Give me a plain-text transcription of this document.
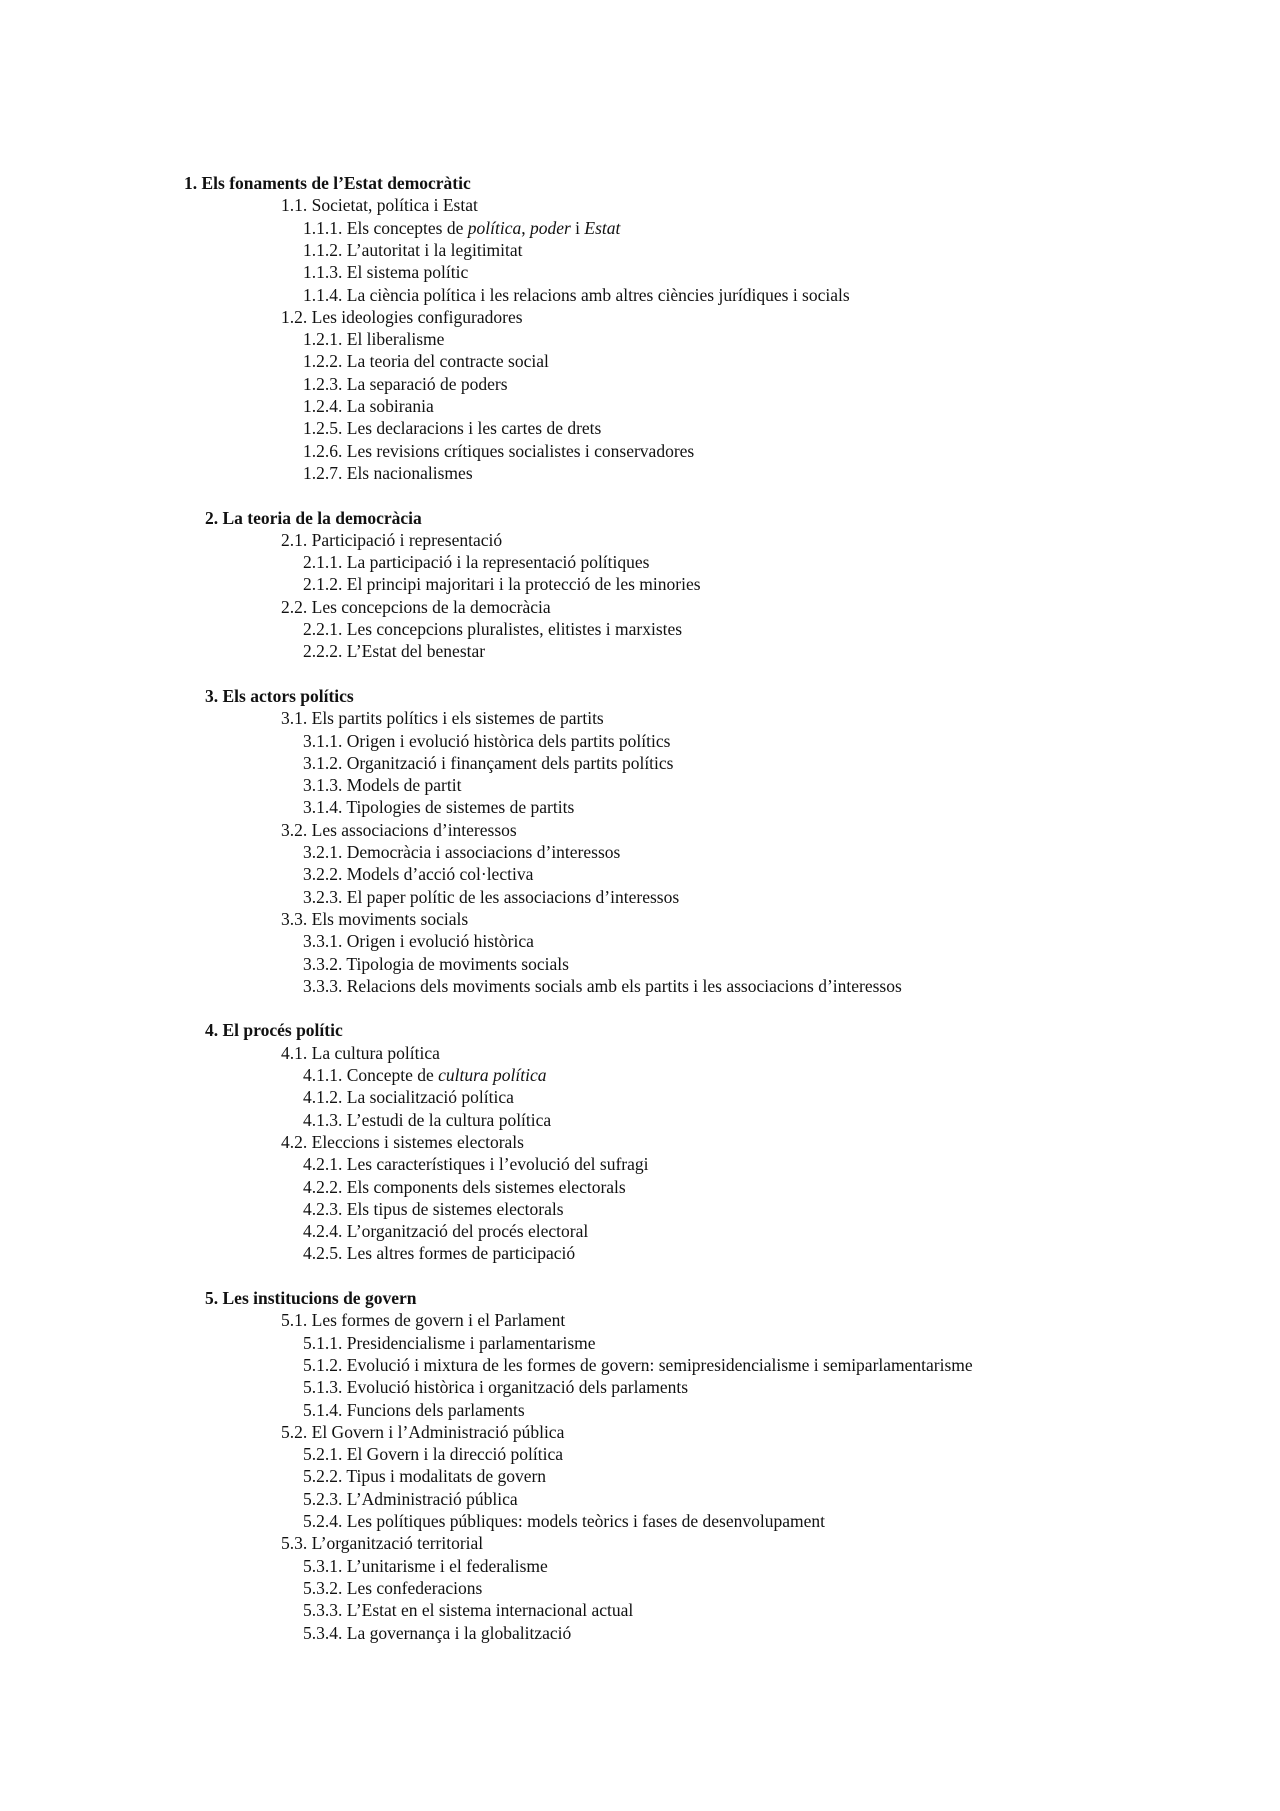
1. Els fonaments de l’Estat democràtic
1.1. Societat, política i Estat
1.1.1. Els conceptes de política, poder i Estat
1.1.2. L’autoritat i la legitimitat
1.1.3. El sistema polític
1.1.4. La ciència política i les relacions amb altres ciències jurídiques i socials
1.2. Les ideologies configuradores
1.2.1. El liberalisme
1.2.2. La teoria del contracte social
1.2.3. La separació de poders
1.2.4. La sobirania
1.2.5. Les declaracions i les cartes de drets
1.2.6. Les revisions crítiques socialistes i conservadores
1.2.7. Els nacionalismes
2. La teoria de la democràcia
2.1. Participació i representació
2.1.1. La participació i la representació polítiques
2.1.2. El principi majoritari i la protecció de les minories
2.2. Les concepcions de la democràcia
2.2.1. Les concepcions pluralistes, elitistes i marxistes
2.2.2. L’Estat del benestar
3. Els actors polítics
3.1. Els partits polítics i els sistemes de partits
3.1.1. Origen i evolució històrica dels partits polítics
3.1.2. Organització i finançament dels partits polítics
3.1.3. Models de partit
3.1.4. Tipologies de sistemes de partits
3.2. Les associacions d’interessos
3.2.1. Democràcia i associacions d’interessos
3.2.2. Models d’acció col·lectiva
3.2.3. El paper polític de les associacions d’interessos
3.3. Els moviments socials
3.3.1. Origen i evolució històrica
3.3.2. Tipologia de moviments socials
3.3.3. Relacions dels moviments socials amb els partits i les associacions d’interessos
4. El procés polític
4.1. La cultura política
4.1.1. Concepte de cultura política
4.1.2. La socialització política
4.1.3. L’estudi de la cultura política
4.2. Eleccions i sistemes electorals
4.2.1. Les característiques i l’evolució del sufragi
4.2.2. Els components dels sistemes electorals
4.2.3. Els tipus de sistemes electorals
4.2.4. L’organització del procés electoral
4.2.5. Les altres formes de participació
5. Les institucions de govern
5.1. Les formes de govern i el Parlament
5.1.1. Presidencialisme i parlamentarisme
5.1.2. Evolució i mixtura de les formes de govern: semipresidencialisme i semiparlamentarisme
5.1.3. Evolució històrica i organització dels parlaments
5.1.4. Funcions dels parlaments
5.2. El Govern i l’Administració pública
5.2.1. El Govern i la direcció política
5.2.2. Tipus i modalitats de govern
5.2.3. L’Administració pública
5.2.4. Les polítiques públiques: models teòrics i fases de desenvolupament
5.3. L’organització territorial
5.3.1. L’unitarisme i el federalisme
5.3.2. Les confederacions
5.3.3. L’Estat en el sistema internacional actual
5.3.4. La governança i la globalització
